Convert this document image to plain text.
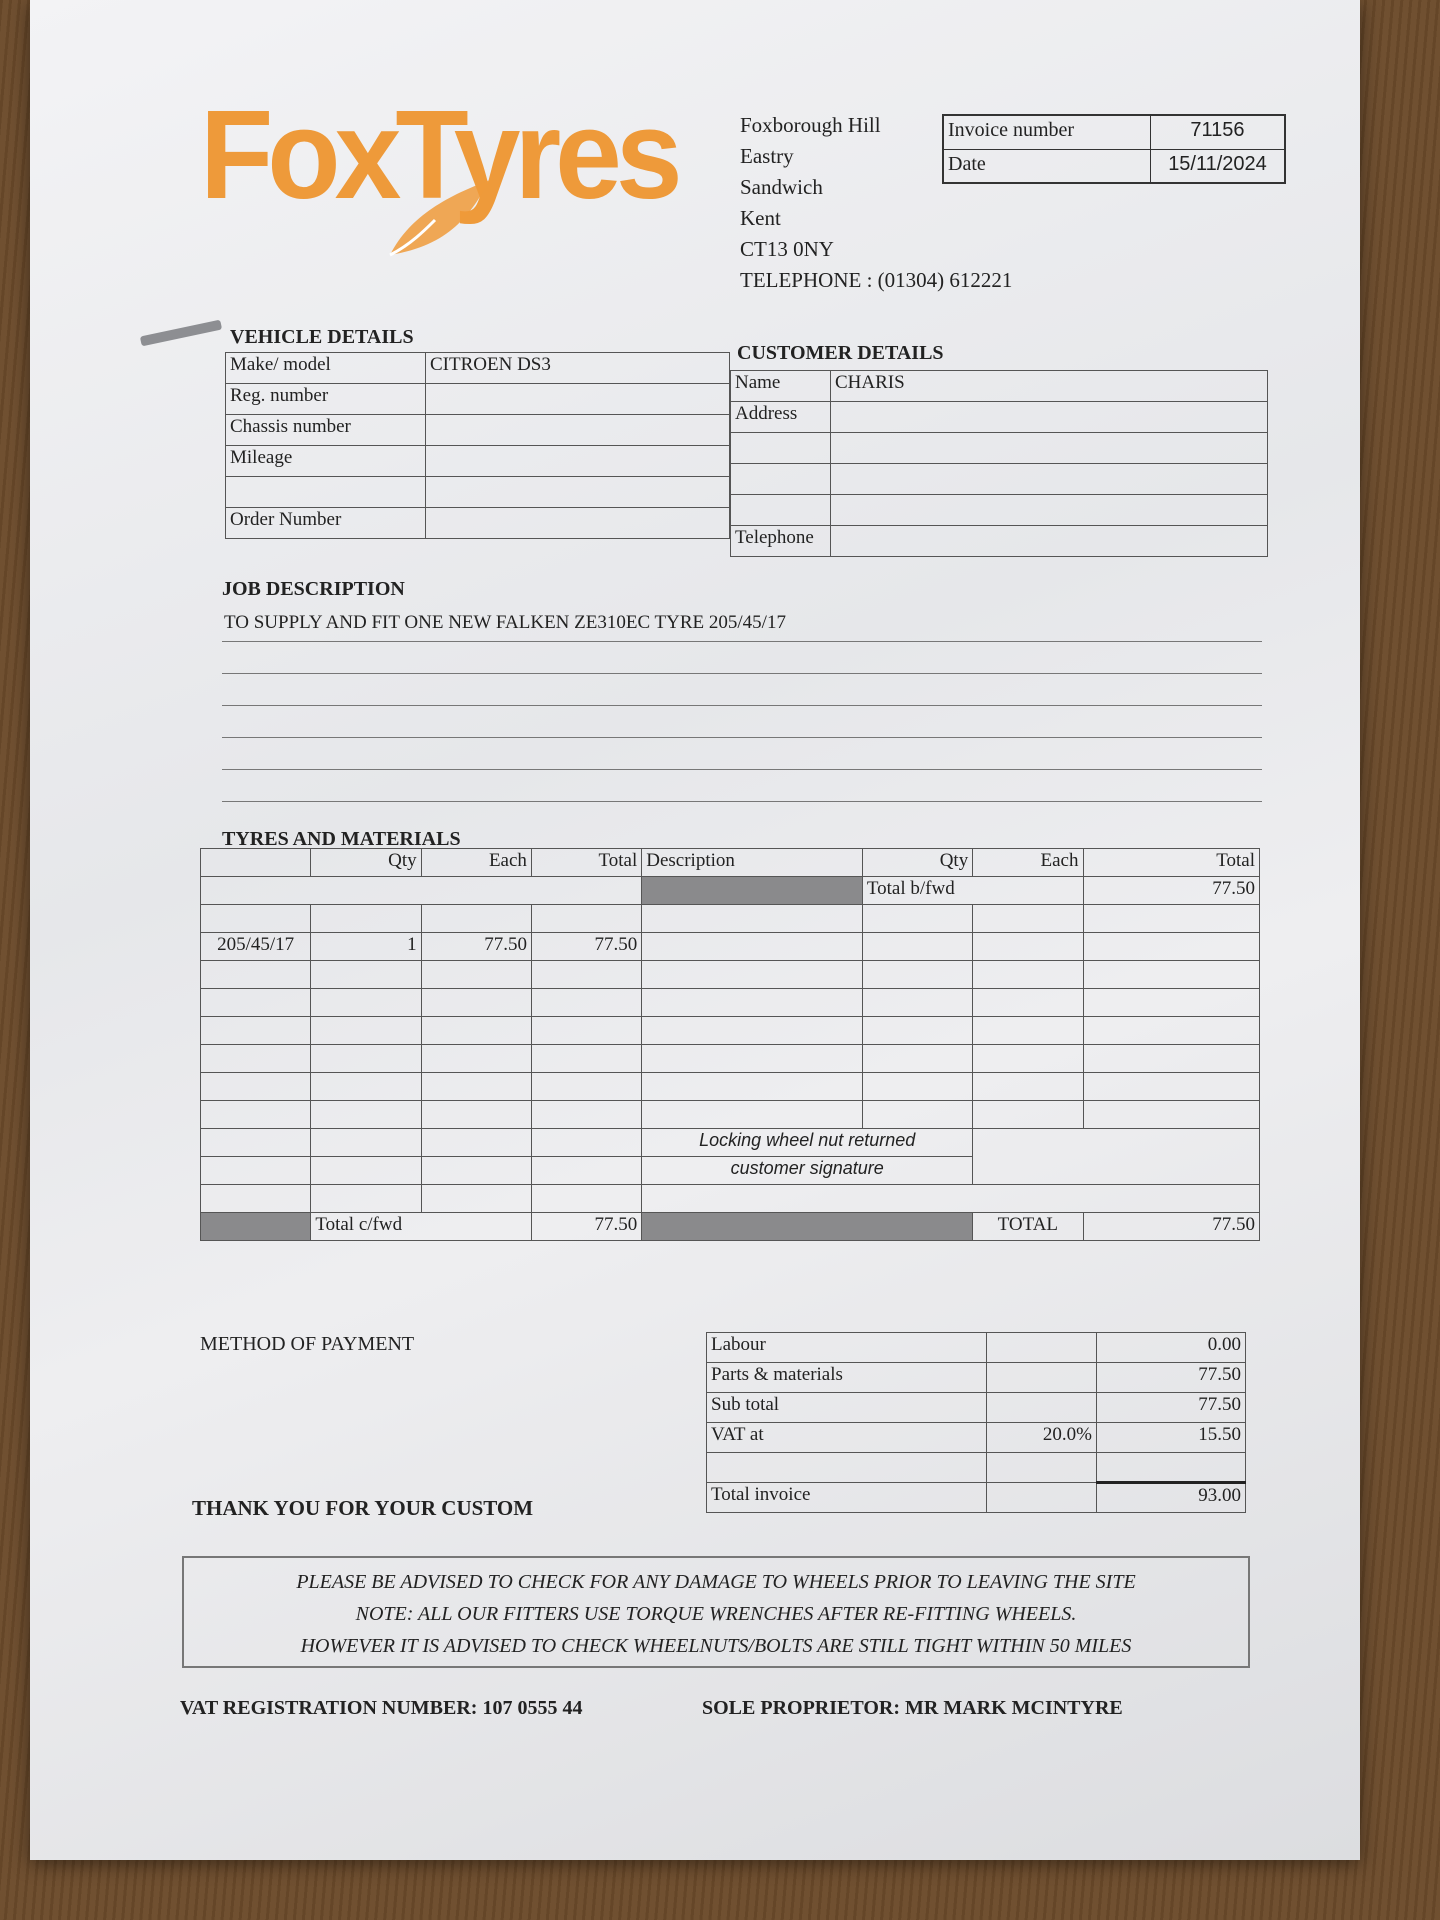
FoxTyres	Foxborough Hill
Eastry
Sandwich
Kent
CT13 0NY
TELEPHONE : (01304) 612221
Invoice number	71156
Date	15/11/2024
VEHICLE DETAILS
Make/ model	CITROEN DS3
Reg. number	
Chassis number	
Mileage	

Order Number	
CUSTOMER DETAILS
Name	CHARIS
Address	

Telephone	
JOB DESCRIPTION
TO SUPPLY AND FIT ONE NEW FALKEN ZE310EC TYRE 205/45/17
TYRES AND MATERIALS
	Qty	Each	Total	Description	Qty	Each	Total
					Total b/fwd		77.50

205/45/17	1	77.50	77.50				

				Locking wheel nut returned			
				customer signature			

	Total c/fwd		77.50			TOTAL	77.50
METHOD OF PAYMENT	Labour		0.00
Parts & materials		77.50
Sub total		77.50
VAT at	20.0%	15.50

Total invoice		93.00
THANK YOU FOR YOUR CUSTOM
PLEASE BE ADVISED TO CHECK FOR ANY DAMAGE TO WHEELS PRIOR TO LEAVING THE SITE
NOTE: ALL OUR FITTERS USE TORQUE WRENCHES AFTER RE-FITTING WHEELS.
HOWEVER IT IS ADVISED TO CHECK WHEELNUTS/BOLTS ARE STILL TIGHT WITHIN 50 MILES
VAT REGISTRATION NUMBER: 107 0555 44	SOLE PROPRIETOR: MR MARK MCINTYRE
